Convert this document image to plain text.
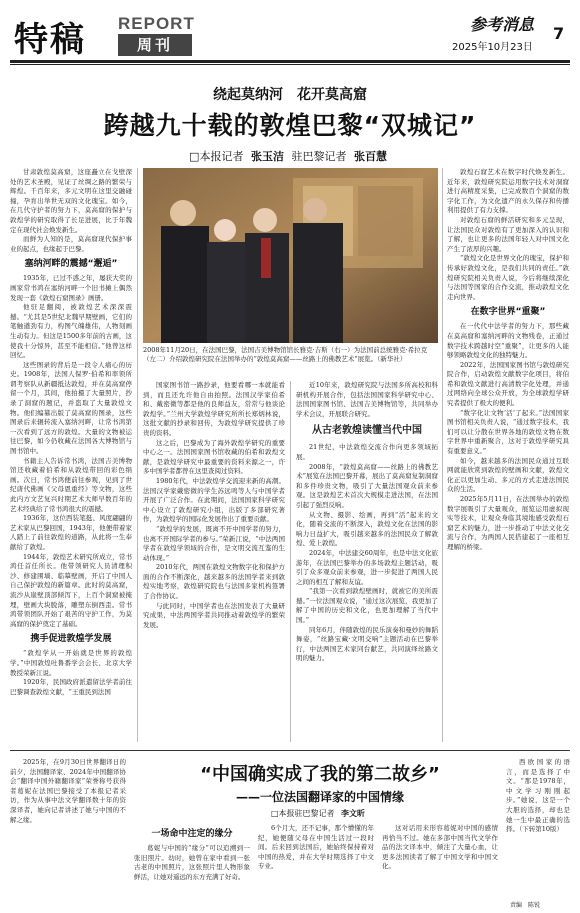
特稿 REPORT
周刊
参考消息
2025年10月23日
7
绕起莫纳河　花开莫高窟
跨越九十载的敦煌巴黎“双城记”
□本报记者 张玉洁 驻巴黎记者 张百慧

甘肃敦煌莫高窟，这座矗立在戈壁深处的艺术圣殿，见证了丝绸之路的繁荣与辉煌。千百年来，多元文明在这里交融碰撞，孕育出举世无双的文化瑰宝。如今，在几代守护者的努力下，莫高窟的保护与敦煌学的研究取得了长足进展，比于年魏定在现代社会焕发新生。

而鲜为人知的是，莫高窟现代保护事业的起点，也缘起于巴黎。

塞纳河畔的震撼“邂逅”

1935年，已过不惑之年，屡获大奖的画家常书鸿在塞纳河畔一个旧书摊上偶然发现一套《敦煌石窟图录》画册。

他驻足翻阅，被敦煌艺术深深震撼。“尤其是5世纪北魏早期壁画，它们的笔触遒劲有力，构图气魄雄伟，人物刻画生动有力。但这是1500多年前的古画，这使我十分惊异，甚至不能相信。”他曾这样回忆。

这些图录的背后是一段令人痛心的历史。1908年，法国人保罗·伯希和率领所谓考察队从新疆抵达敦煌，并在莫高窟停留一个月，其间，他拍摄了大量照片，抄录了洞窟的题记，并盗取了大量敦煌文物。他们编纂出版了莫高窟的图录，这些图录后来辗转流入塞纳河畔，让常书鸿第一次看到了远方的敦煌。大量的文物被运往巴黎，如今仍收藏在法国各大博物馆与图书馆中。

书籍主人告诉常书鸿，法国吉美博物馆还收藏着伯希和从敦煌带回的彩色绢画。次日，常书鸿便前往参观，见到了世纪唐代佛画《父母恩重经》等文物，这些此内方文艺复兴时期艺术大师早数百年的艺术经典给了常书鸿很大的震撼。

1936年，这位西装笔挺、风度翩翩的艺术家从巴黎回国，1943年，他便带着家人踏上了前往敦煌的道路，从此将一生奉献给了敦煌。

1944年，敦煌艺术研究所成立，常书鸿任首任所长。他带领研究人员清理积沙、修建围墙、临摹壁画，开启了中国人自己保护敦煌的新篇章。此时的莫高窟，流沙从崖壁顶部倾泻下，上百个洞窟被掩埋，壁画大块脱落，雕塑东倒西歪。常书鸿带领团队开始了艰苦的守护工作，为莫高窟的保护奠定了基础。

携手促进敦煌学发展

“敦煌学从一开始就是世界的敦煌学。”中国敦煌吐鲁番学会会长、北京大学教授荣新江说。

1920年，民国政府派遣留法学者前往巴黎调查敦煌文献，“王重民到法国

2008年11月20日，在法国巴黎，法国吉美博物馆馆长雅克·吉斯（右一）为法国前总统雅克·希拉克（左二）介绍敦煌研究院在法国举办的“敦煌莫高窟——丝路上的佛教艺术”展览。（新华社）

国家图书馆一路抄录，他要看哪一本就能看到，而且还允许他自由拍照。法国汉学家伯希和、戴密微等都是他的良师益友，常常与他谈论敦煌学。”兰州大学敦煌学研究所所长郑炳林说，这批文献的抄录和回传，为敦煌学研究提供了珍贵的资料。

这之后，巴黎成为了海外敦煌学研究的重要中心之一。法国国家图书馆收藏的伯希和敦煌文献，是敦煌学研究中最重要的资料来源之一，许多中国学者都曾在这里查阅过资料。

1980年代，中法敦煌学交流迎来新的高潮。法国汉学家戴密微的学生苏远鸣等人与中国学者开展了广泛合作。在此期间，法国国家科学研究中心设立了敦煌研究小组，出版了多部研究著作，为敦煌学的国际化发展作出了重要贡献。

“敦煌学的发展，既离不开中国学者的努力，也离不开国际学者的参与。”荣新江说，“中法两国学者在敦煌学领域的合作，是文明交流互鉴的生动体现。”

2010年代，两国在敦煌文物数字化和保护方面的合作不断深化，越来越多的法国学者来到敦煌实地考察，敦煌研究院也与法国多家机构签署了合作协议。

与此同时，中国学者也在法国发表了大量研究成果，中法两国学者共同推动着敦煌学的繁荣发展。

近10年来，敦煌研究院与法国多所高校和科研机构开展合作，包括法国国家科学研究中心、法国国家图书馆、法国吉美博物馆等，共同举办学术会议，开展联合研究。

从古老敦煌读懂当代中国

21世纪，中法敦煌交流合作向更多领域拓展。

2008年，“敦煌莫高窟——丝路上的佛教艺术”展览在法国巴黎开幕，展出了莫高窟复制洞窟和多件珍贵文物，吸引了大量法国观众前来参观。这是敦煌艺术首次大规模走进法国，在法国引起了强烈反响。

从文物、摄影、绘画，再到“活”起来的文化，随着交流的不断深入，敦煌文化在法国的影响力日益扩大，吸引越来越多的法国民众了解敦煌、爱上敦煌。

2024年，中法建交60周年，也是中法文化旅游年，在法国巴黎举办的多场敦煌主题活动，吸引了众多观众前来参观，进一步促进了两国人民之间的相互了解和友谊。

“我第一次看到敦煌壁画时，就被它的美所震撼。”一位法国观众说，“通过这次展览，我更加了解了中国的历史和文化，也更加理解了当代中国。”

同年6月，伴随敦煌的民乐演奏和曼妙的舞蹈舞姿，“丝路宝藏·文明交响”主题活动在巴黎举行，中法两国艺术家同台献艺，共同演绎丝路文明的魅力。

敦煌石窟艺术在数字时代焕发新生。近年来，敦煌研究院运用数字技术对洞窟进行高精度采集，已完成数百个洞窟的数字化工作，为文化遗产的永久保存和传播利用提供了有力支撑。

对敦煌石窟的鲜活研究和多元呈现，让法国民众对敦煌有了更加深入的认识和了解，也让更多的法国年轻人对中国文化产生了浓厚的兴趣。

“敦煌文化是世界文化的瑰宝，保护和传承好敦煌文化，是我们共同的责任。”敦煌研究院相关负责人说，今后将继续深化与法国等国家的合作交流，推动敦煌文化走向世界。

在数字世界“重聚”

在一代代中法学者的努力下，那些藏在莫高窟和塞纳河畔的文物残卷，正通过数字技术跨越时空“重聚”，让更多的人能够领略敦煌文化的独特魅力。

2022年，法国国家图书馆与敦煌研究院合作，启动敦煌文献数字化项目，将伯希和敦煌文献进行高清数字化处理，并通过网络向全球公众开放，为全球敦煌学研究者提供了极大的便利。

“数字化让文物‘活’了起来。”法国国家图书馆相关负责人说，“通过数字技术，我们可以让分散在世界各地的敦煌文物在数字世界中重新聚合，这对于敦煌学研究具有重要意义。”

如今，越来越多的法国民众通过互联网就能欣赏到敦煌的壁画和文献，敦煌文化正以更加生动、多元的方式走进法国民众的生活。

2025年5月11日，在法国举办的敦煌数字展吸引了大量观众，展览运用虚拟现实等技术，让观众身临其境地感受敦煌石窟艺术的魅力，进一步推动了中法文化交流与合作，为两国人民搭建起了一座相互理解的桥梁。

2025年，在9月30日世界翻译日的前夕，法国翻译家、2024年中国翻译协会“翻译中国外籍翻译家”荣誉称号获得者葛妮在法国巴黎接受了本报记者采访，作为从事中法文学翻译数十年的资深译者，她向记者讲述了她与中国的不解之缘。

“中国确实成了我的第二故乡”
——一位法国翻译家的中国情缘
□本报驻巴黎记者 李文昕
一场命中注定的缘分

葛妮与中国的“缘分”可以追溯到一张旧照片。幼时，她曾在家中看到一张古老的中国照片，这张照片里人物形象鲜活，让她对遥远的东方充满了好奇。

6个月大，还不记事，那个懵懂的年纪，她便随父母在中国生活过一段时间。后来回到法国后，她始终保持着对中国的热爱，并在大学时期选择了中文专业。

这对话用来形容葛妮对中国的感情再恰当不过。她在多部中国当代文学作品的法文译本中，倾注了大量心血，让更多法国读者了解了中国文学和中国文化。

西欧国家的语言，而是选择了中文。“那是1978年，中文学习刚刚起步。”她说，这是一个大胆的选择，却也是她一生中最正确的选择。（下转第10版）

责编　陈锐
